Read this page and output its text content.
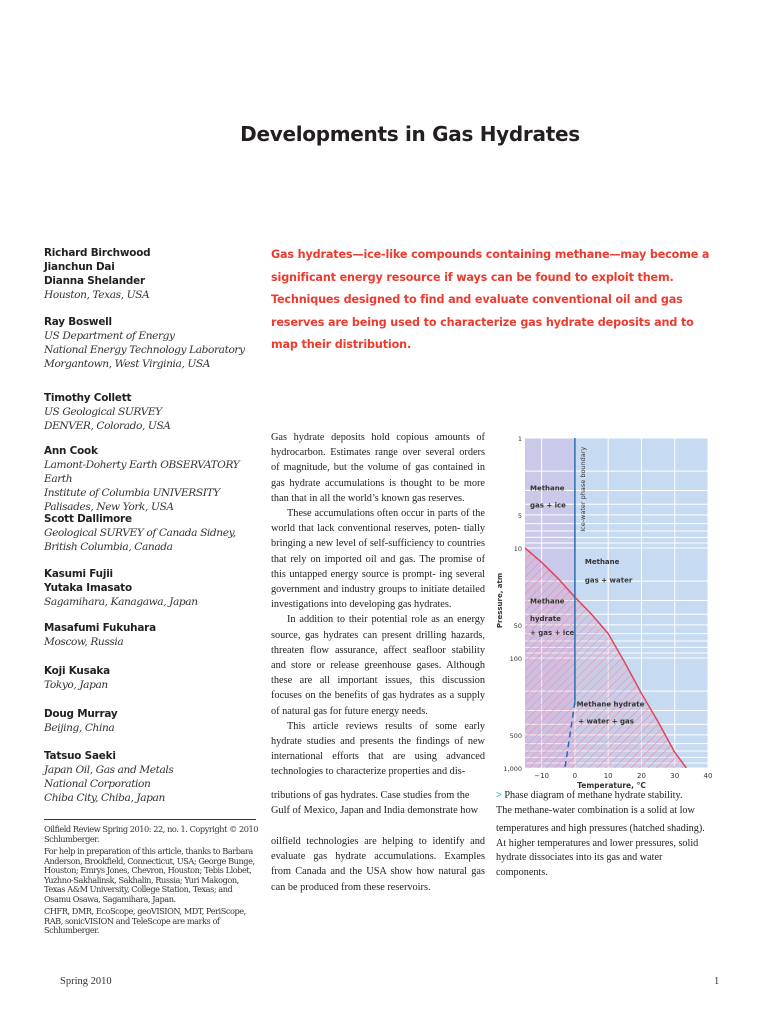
Developments in Gas Hydrates
Gas hydrates—ice-like compounds containing methane—may become a significant energy resource if ways can be found to exploit them. Techniques designed to find and evaluate conventional oil and gas reserves are being used to characterize gas hydrate deposits and to map their distribution.
Richard Birchwood
Jianchun Dai
Dianna Shelander
Houston, Texas, USA
Ray Boswell
US Department of Energy
National Energy Technology Laboratory
Morgantown, West Virginia, USA
Timothy Collett
US Geological SURVEY
DENVER, Colorado, USA
Ann Cook
Lamont-Doherty Earth OBSERVATORY Earth
Institute of Columbia UNIVERSITY
Palisades, New York, USA
Scott Dallimore
Geological SURVEY of Canada Sidney,
British Columbia, Canada
Kasumi Fujii
Yutaka Imasato
Sagamihara, Kanagawa, Japan
Masafumi Fukuhara
Moscow, Russia
Koji Kusaka
Tokyo, Japan
Doug Murray
Beijing, China
Tatsuo Saeki
Japan Oil, Gas and Metals
National Corporation
Chiba City, Chiba, Japan
Oilfield Review Spring 2010: 22, no. 1. Copyright © 2010 Schlumberger.
For help in preparation of this article, thanks to Barbara Anderson, Brookfield, Connecticut, USA; George Bunge, Houston; Emrys Jones, Chevron, Houston; Tebis Llobet, Yuzhno-Sakhalinsk, Sakhalin, Russia; Yuri Makogon, Texas A&M University, College Station, Texas; and Osamu Osawa, Sagamihara, Japan.
CHFR, DMR, EcoScope, geoVISION, MDT, PeriScope, RAB, sonicVISION and TeleScope are marks of Schlumberger.

Gas hydrate deposits hold copious amounts of hydrocarbon. Estimates range over several orders of magnitude, but the volume of gas contained in gas hydrate accumulations is thought to be more than that in all the world’s known gas reserves.

These accumulations often occur in parts of the world that lack conventional reserves, poten- tially bringing a new level of self-sufficiency to countries that rely on imported oil and gas. The promise of this untapped energy source is prompt- ing several government and industry groups to initiate detailed investigations into developing gas hydrates.

In addition to their potential role as an energy source, gas hydrates can present drilling hazards, threaten flow assurance, affect seafloor stability and store or release greenhouse gases. Although these are all important issues, this discussion focuses on the benefits of gas hydrates as a supply of natural gas for future energy needs.

This article reviews results of some early hydrate studies and presents the findings of new international efforts that are using advanced technologies to characterize properties and dis-

tributions of gas hydrates. Case studies from the Gulf of Mexico, Japan and India demonstrate how
oilfield technologies are helping to identify and evaluate gas hydrate accumulations. Examples from Canada and the USA show how natural gas can be produced from these reservoirs.
−10	0	10	20	30	40
1
5
10
50
100
500
1,000
Temperature, °C
Pressure, atm
Ice-water phase boundary
Methane
gas + ice
Methane
gas + water
Methane
hydrate
+ gas + ice
Methane hydrate
+ water + gas
> Phase diagram of methane hydrate stability.
The methane-water combination is a solid at low
temperatures and high pressures (hatched shading). At higher temperatures and lower pressures, solid hydrate dissociates into its gas and water components.
Spring 2010	1
